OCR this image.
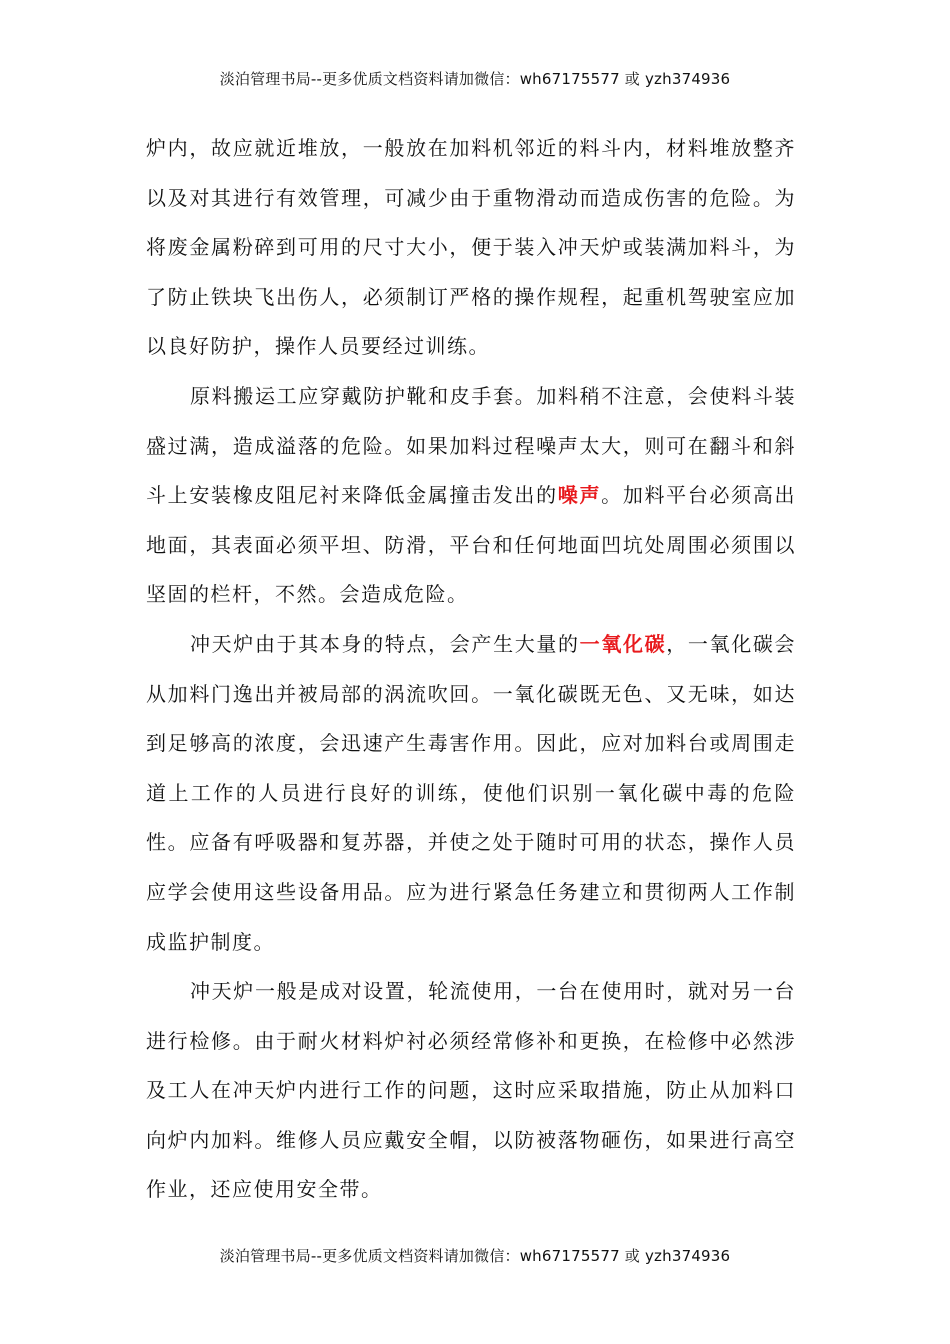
淡泊管理书局--更多优质文档资料请加微信：wh67175577 或 yzh374936

炉内，故应就近堆放，一般放在加料机邻近的料斗内，材料堆放整齐以及对其进行有效管理，可减少由于重物滑动而造成伤害的危险。为将废金属粉碎到可用的尺寸大小，便于装入冲天炉或装满加料斗，为了防止铁块飞出伤人，必须制订严格的操作规程，起重机驾驶室应加以良好防护，操作人员要经过训练。

原料搬运工应穿戴防护靴和皮手套。加料稍不注意，会使料斗装盛过满，造成溢落的危险。如果加料过程噪声太大，则可在翻斗和斜斗上安装橡皮阻尼衬来降低金属撞击发出的噪声。加料平台必须高出地面，其表面必须平坦、防滑，平台和任何地面凹坑处周围必须围以坚固的栏杆，不然。会造成危险。

冲天炉由于其本身的特点，会产生大量的一氧化碳，一氧化碳会从加料门逸出并被局部的涡流吹回。一氧化碳既无色、又无味，如达到足够高的浓度，会迅速产生毒害作用。因此，应对加料台或周围走道上工作的人员进行良好的训练，使他们识别一氧化碳中毒的危险性。应备有呼吸器和复苏器，并使之处于随时可用的状态，操作人员应学会使用这些设备用品。应为进行紧急任务建立和贯彻两人工作制成监护制度。

冲天炉一般是成对设置，轮流使用，一台在使用时，就对另一台进行检修。由于耐火材料炉衬必须经常修补和更换，在检修中必然涉及工人在冲天炉内进行工作的问题，这时应采取措施，防止从加料口向炉内加料。维修人员应戴安全帽，以防被落物砸伤，如果进行高空作业，还应使用安全带。

淡泊管理书局--更多优质文档资料请加微信：wh67175577 或 yzh374936
